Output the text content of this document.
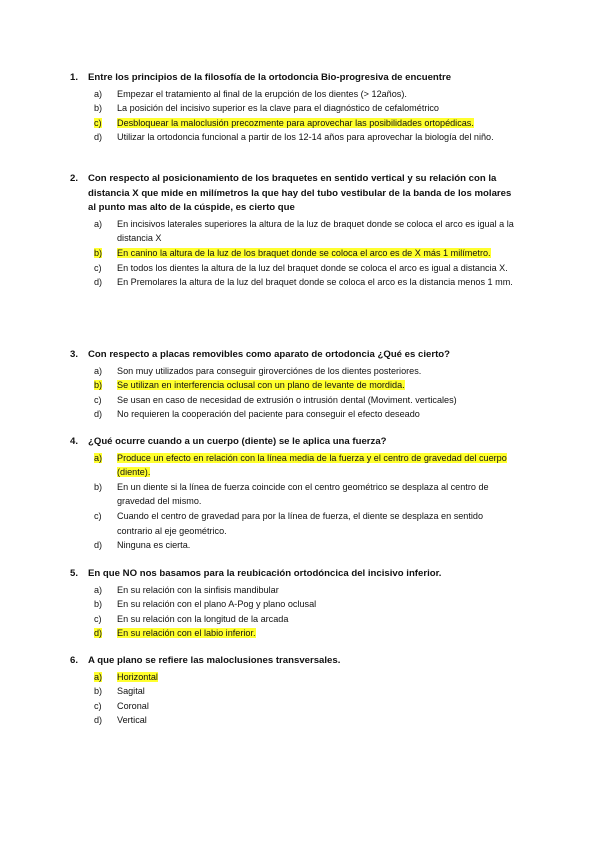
1.	Entre los principios de la filosofía de la ortodoncia Bio-progresiva de encuentre
a)	Empezar el tratamiento al final de la erupción de los dientes (> 12años).
b)	La posición del incisivo superior es la clave para el diagnóstico de cefalométrico
c)	Desbloquear la maloclusión precozmente para aprovechar las posibilidades ortopédicas.
d)	Utilizar la ortodoncia funcional a partir de los 12-14 años para aprovechar la biología del niño.
2.	Con respecto al posicionamiento de los braquetes en sentido vertical y su relación con la distancia X que mide en milímetros la que hay del tubo vestibular de la banda de los molares al punto mas alto de la cúspide, es cierto que
a)	En incisivos laterales superiores la altura de la luz de braquet donde se coloca el arco es igual a la distancia X
b)	En canino la altura de la luz de los braquet donde se coloca el arco es de X más 1 milímetro.
c)	En todos los dientes la altura de la luz del braquet donde se coloca el arco es igual a distancia X.
d)	En Premolares la altura de la luz del braquet donde se coloca el arco es la distancia menos 1 mm.
3.	Con respecto a placas removibles como aparato de ortodoncia ¿Qué es cierto?
a)	Son muy utilizados para conseguir giroverciónes de los dientes posteriores.
b)	Se utilizan en interferencia oclusal con un plano de levante de mordida.
c)	Se usan en caso de necesidad de extrusión o intrusión dental (Moviment. verticales)
d)	No requieren la cooperación del paciente para conseguir el efecto deseado
4.	¿Qué ocurre cuando a un cuerpo (diente) se le aplica una fuerza?
a)	Produce un efecto en relación con la línea media de la fuerza y el centro de gravedad del cuerpo (diente).
b)	En un diente si la línea de fuerza coincide con el centro geométrico se desplaza al centro de gravedad del mismo.
c)	Cuando el centro de gravedad para por la línea de fuerza, el diente se desplaza en sentido contrario al eje geométrico.
d)	Ninguna es cierta.
5.	En que NO nos basamos para la reubicación ortodóncica del incisivo inferior.
a)	En su relación con la sinfisis mandibular
b)	En su relación con el plano A-Pog y plano oclusal
c)	En su relación con la longitud de la arcada
d)	En su relación con el labio inferior.
6.	A que plano se refiere las maloclusiones transversales.
a)	Horizontal
b)	Sagital
c)	Coronal
d)	Vertical
